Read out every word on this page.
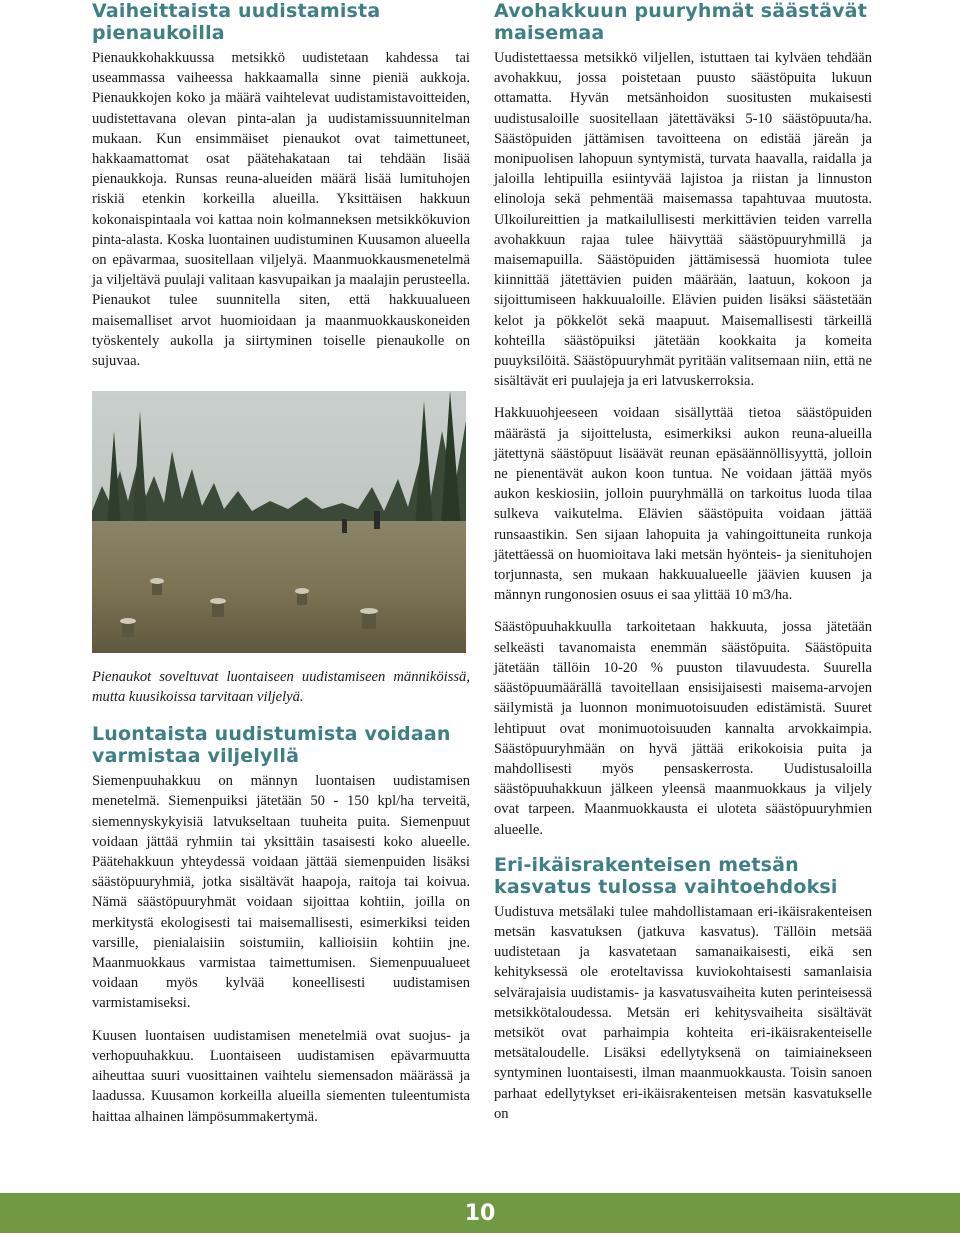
Vaiheittaista uudistamista pienaukoilla

Pienaukkohakkuussa metsikkö uudistetaan kahdessa tai useammassa vaiheessa hakkaamalla sinne pieniä aukkoja. Pienaukkojen koko ja määrä vaihtelevat uudistamistavoitteiden, uudistettavana olevan pinta-alan ja uudistamissuunnitelman mukaan. Kun ensimmäiset pienaukot ovat taimettuneet, hakkaamattomat osat päätehakataan tai tehdään lisää pienaukkoja. Runsas reuna-alueiden määrä lisää lumituhojen riskiä etenkin korkeilla alueilla. Yksittäisen hakkuun kokonaispintaala voi kattaa noin kolmanneksen metsikkökuvion pinta-alasta. Koska luontainen uudistuminen Kuusamon alueella on epävarmaa, suositellaan viljelyä. Maanmuokkausmenetelmä ja viljeltävä puulaji valitaan kasvupaikan ja maalajin perusteella. Pienaukot tulee suunnitella siten, että hakkuualueen maisemalliset arvot huomioidaan ja maanmuokkauskoneiden työskentely aukolla ja siirtyminen toiselle pienaukolle on sujuvaa.

Pienaukot soveltuvat luontaiseen uudistamiseen männiköissä, mutta kuusikoissa tarvitaan viljelyä.

Luontaista uudistumista voidaan varmistaa viljelyllä

Siemenpuuhakkuu on männyn luontaisen uudistamisen menetelmä. Siemenpuiksi jätetään 50 - 150 kpl/ha terveitä, siemennyskykyisiä latvukseltaan tuuheita puita. Siemenpuut voidaan jättää ryhmiin tai yksittäin tasaisesti koko alueelle. Päätehakkuun yhteydessä voidaan jättää siemenpuiden lisäksi säästöpuuryhmiä, jotka sisältävät haapoja, raitoja tai koivua. Nämä säästöpuuryhmät voidaan sijoittaa kohtiin, joilla on merkitystä ekologisesti tai maisemallisesti, esimerkiksi teiden varsille, pienialaisiin soistumiin, kallioisiin kohtiin jne. Maanmuokkaus varmistaa taimettumisen. Siemenpuualueet voidaan myös kylvää koneellisesti uudistamisen varmistamiseksi.

Kuusen luontaisen uudistamisen menetelmiä ovat suojus- ja verhopuuhakkuu. Luontaiseen uudistamisen epävarmuutta aiheuttaa suuri vuosittainen vaihtelu siemensadon määrässä ja laadussa. Kuusamon korkeilla alueilla siementen tuleentumista haittaa alhainen lämpösummakertymä.

Avohakkuun puuryhmät säästävät maisemaa

Uudistettaessa metsikkö viljellen, istuttaen tai kylväen tehdään avohakkuu, jossa poistetaan puusto säästöpuita lukuun ottamatta. Hyvän metsänhoidon suositusten mukaisesti uudistusaloille suositellaan jätettäväksi 5-10 säästöpuuta/ha. Säästöpuiden jättämisen tavoitteena on edistää järeän ja monipuolisen lahopuun syntymistä, turvata haavalla, raidalla ja jaloilla lehtipuilla esiintyvää lajistoa ja riistan ja linnuston elinoloja sekä pehmentää maisemassa tapahtuvaa muutosta. Ulkoilureittien ja matkailullisesti merkittävien teiden varrella avohakkuun rajaa tulee häivyttää säästöpuuryhmillä ja maisemapuilla. Säästöpuiden jättämisessä huomiota tulee kiinnittää jätettävien puiden määrään, laatuun, kokoon ja sijoittumiseen hakkuualoille. Elävien puiden lisäksi säästetään kelot ja pökkelöt sekä maapuut. Maisemallisesti tärkeillä kohteilla säästöpuiksi jätetään kookkaita ja komeita puuyksilöitä. Säästöpuuryhmät pyritään valitsemaan niin, että ne sisältävät eri puulajeja ja eri latvuskerroksia.

Hakkuuohjeeseen voidaan sisällyttää tietoa säästöpuiden määrästä ja sijoittelusta, esimerkiksi aukon reuna-alueilla jätettynä säästöpuut lisäävät reunan epäsäännöllisyyttä, jolloin ne pienentävät aukon koon tuntua. Ne voidaan jättää myös aukon keskiosiin, jolloin puuryhmällä on tarkoitus luoda tilaa sulkeva vaikutelma. Elävien säästöpuita voidaan jättää runsaastikin. Sen sijaan lahopuita ja vahingoittuneita runkoja jätettäessä on huomioitava laki metsän hyönteis- ja sienituhojen torjunnasta, sen mukaan hakkuualueelle jäävien kuusen ja männyn rungonosien osuus ei saa ylittää 10 m3/ha.

Säästöpuuhakkuulla tarkoitetaan hakkuuta, jossa jätetään selkeästi tavanomaista enemmän säästöpuita. Säästöpuita jätetään tällöin 10-20 % puuston tilavuudesta. Suurella säästöpuumäärällä tavoitellaan ensisijaisesti maisema-arvojen säilymistä ja luonnon monimuotoisuuden edistämistä. Suuret lehtipuut ovat monimuotoisuuden kannalta arvokkaimpia. Säästöpuuryhmään on hyvä jättää erikokoisia puita ja mahdollisesti myös pensaskerrosta. Uudistusaloilla säästöpuuhakkuun jälkeen yleensä maanmuokkaus ja viljely ovat tarpeen. Maanmuokkausta ei uloteta säästöpuuryhmien alueelle.

Eri-ikäisrakenteisen metsän kasvatus tulossa vaihtoehdoksi

Uudistuva metsälaki tulee mahdollistamaan eri-ikäisrakenteisen metsän kasvatuksen (jatkuva kasvatus). Tällöin metsää uudistetaan ja kasvatetaan samanaikaisesti, eikä sen kehityksessä ole eroteltavissa kuviokohtaisesti samanlaisia selvärajaisia uudistamis- ja kasvatusvaiheita kuten perinteisessä metsikkötaloudessa. Metsän eri kehitysvaiheita sisältävät metsiköt ovat parhaimpia kohteita eri-ikäisrakenteiselle metsätaloudelle. Lisäksi edellytyksenä on taimiainekseen syntyminen luontaisesti, ilman maanmuokkausta. Toisin sanoen parhaat edellytykset eri-ikäisrakenteisen metsän kasvatukselle on

10
